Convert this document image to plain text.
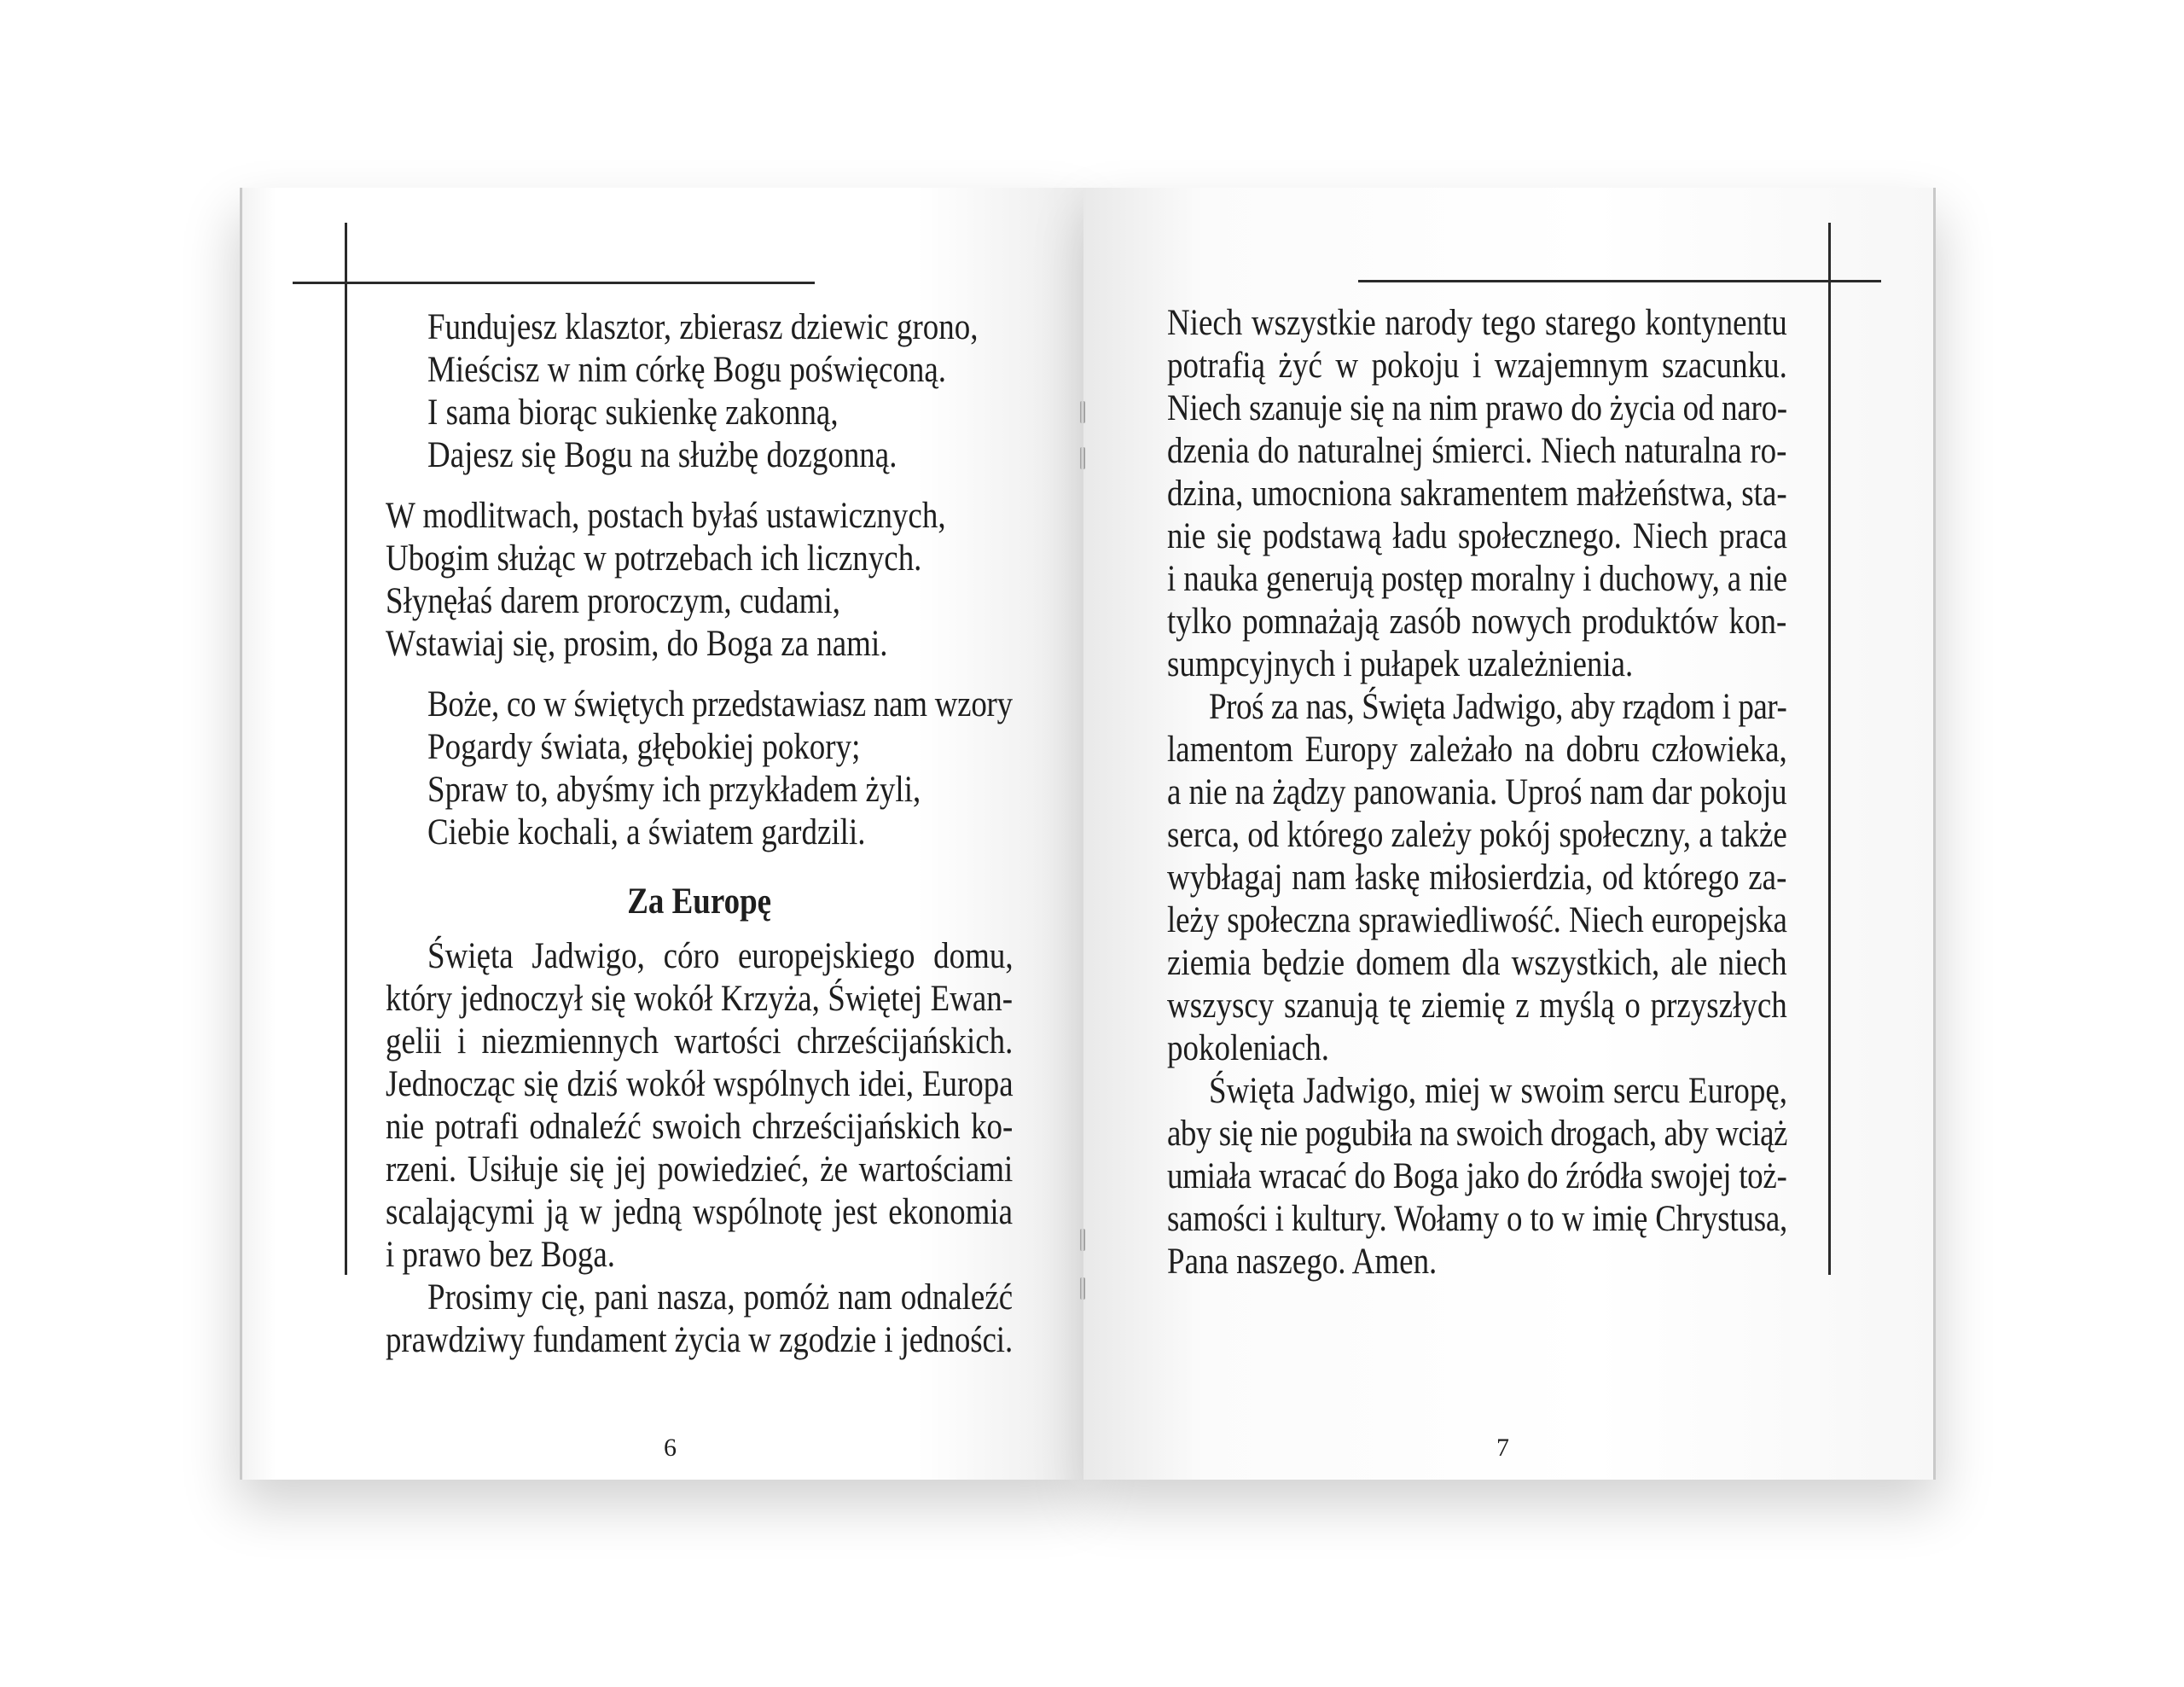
Fundujesz klasztor, zbierasz dziewic grono,
Mieścisz w nim córkę Bogu poświęconą.
I sama biorąc sukienkę zakonną,
Dajesz się Bogu na służbę dozgonną.
W modlitwach, postach byłaś ustawicznych,
Ubogim służąc w potrzebach ich licznych.
Słynęłaś darem proroczym, cudami,
Wstawiaj się, prosim, do Boga za nami.
Boże, co w świętych przedstawiasz nam wzory
Pogardy świata, głębokiej pokory;
Spraw to, abyśmy ich przykładem żyli,
Ciebie kochali, a światem gardzili.
Za Europę
Święta Jadwigo, córo europejskiego domu,
który jednoczył się wokół Krzyża, Świętej Ewan-
gelii i niezmiennych wartości chrześcijańskich.
Jednocząc się dziś wokół wspólnych idei, Europa
nie potrafi odnaleźć swoich chrześcijańskich ko-
rzeni. Usiłuje się jej powiedzieć, że wartościami
scalającymi ją w jedną wspólnotę jest ekonomia
i prawo bez Boga.
Prosimy cię, pani nasza, pomóż nam odnaleźć
prawdziwy fundament życia w zgodzie i jedności.
Niech wszystkie narody tego starego kontynentu
potrafią żyć w pokoju i wzajemnym szacunku.
Niech szanuje się na nim prawo do życia od naro-
dzenia do naturalnej śmierci. Niech naturalna ro-
dzina, umocniona sakramentem małżeństwa, sta-
nie się podstawą ładu społecznego. Niech praca
i nauka generują postęp moralny i duchowy, a nie
tylko pomnażają zasób nowych produktów kon-
sumpcyjnych i pułapek uzależnienia.
Proś za nas, Święta Jadwigo, aby rządom i par-
lamentom Europy zależało na dobru człowieka,
a nie na żądzy panowania. Uproś nam dar pokoju
serca, od którego zależy pokój społeczny, a także
wybłagaj nam łaskę miłosierdzia, od którego za-
leży społeczna sprawiedliwość. Niech europejska
ziemia będzie domem dla wszystkich, ale niech
wszyscy szanują tę ziemię z myślą o przyszłych
pokoleniach.
Święta Jadwigo, miej w swoim sercu Europę,
aby się nie pogubiła na swoich drogach, aby wciąż
umiała wracać do Boga jako do źródła swojej toż-
samości i kultury. Wołamy o to w imię Chrystusa,
Pana naszego. Amen.
6	7
